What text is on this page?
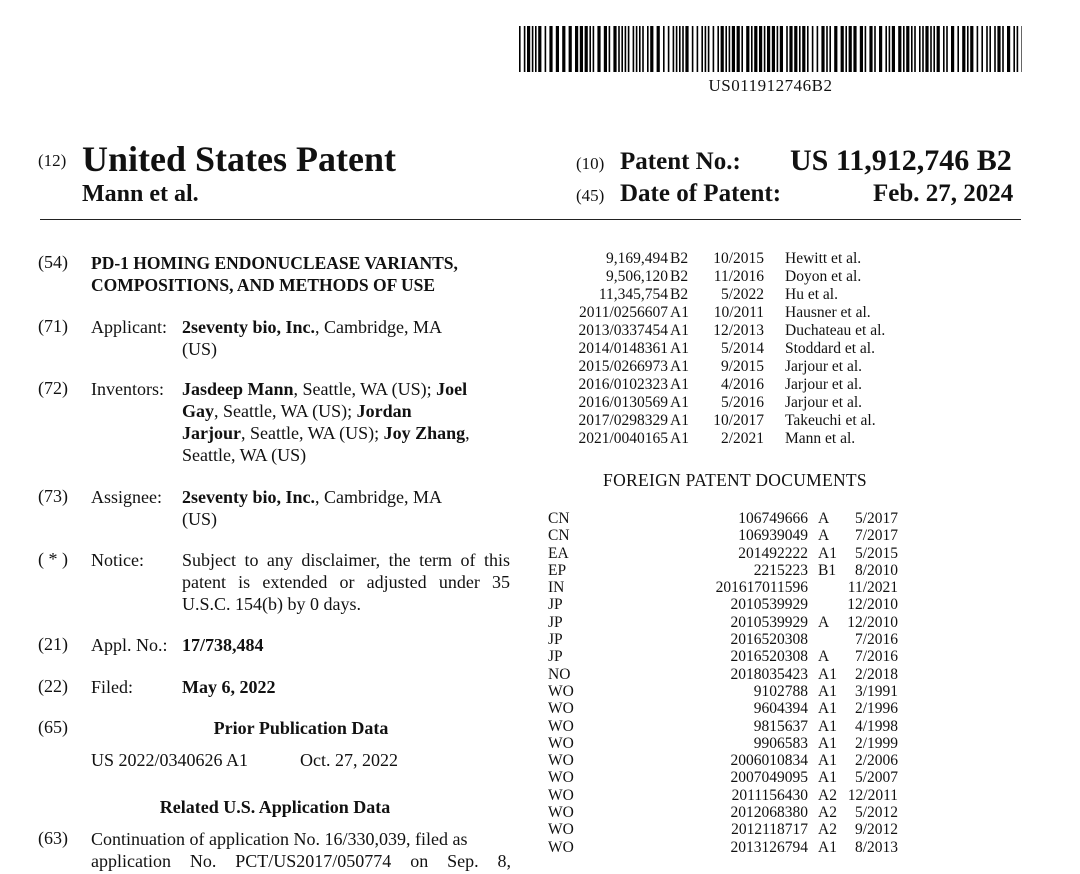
US011912746B2
(12) United States Patent
Mann et al.
(10) Patent No.: US 11,912,746 B2
(45) Date of Patent:	Feb. 27, 2024
(54) PD-1 HOMING ENDONUCLEASE VARIANTS,
COMPOSITIONS, AND METHODS OF USE
(71) Applicant: 2seventy bio, Inc., Cambridge, MA
(US)
(72) Inventors: Jasdeep Mann, Seattle, WA (US); Joel
Gay, Seattle, WA (US); Jordan
Jarjour, Seattle, WA (US); Joy Zhang,
Seattle, WA (US)
(73) Assignee: 2seventy bio, Inc., Cambridge, MA
(US)
( * ) Notice: Subject to any disclaimer, the term of this
patent is extended or adjusted under 35
U.S.C. 154(b) by 0 days.
(21) Appl. No.: 17/738,484
(22) Filed:	May 6, 2022
(65)	Prior Publication Data
US 2022/0340626 A1	Oct. 27, 2022
Related U.S. Application Data
(63) Continuation of application No. 16/330,039, filed as
application No. PCT/US2017/050774 on Sep. 8,
9,169,494 B2 10/2015 Hewitt et al.
9,506,120 B2 11/2016 Doyon et al.
11,345,754 B2 5/2022 Hu et al.
2011/0256607 A1 10/2011 Hausner et al.
2013/0337454 A1 12/2013 Duchateau et al.
2014/0148361 A1 5/2014 Stoddard et al.
2015/0266973 A1 9/2015 Jarjour et al.
2016/0102323 A1 4/2016 Jarjour et al.
2016/0130569 A1 5/2016 Jarjour et al.
2017/0298329 A1 10/2017 Takeuchi et al.
2021/0040165 A1 2/2021 Mann et al.
FOREIGN PATENT DOCUMENTS
CN	106749666 A 5/2017
CN	106939049 A 7/2017
EA	201492222 A1 5/2015
EP	2215223 B1 8/2010
IN	201617011596	11/2021
JP	2010539929	12/2010
JP	2010539929 A 12/2010
JP	2016520308	7/2016
JP	2016520308 A 7/2016
NO	2018035423 A1 2/2018
WO	9102788 A1 3/1991
WO	9604394 A1 2/1996
WO	9815637 A1 4/1998
WO	9906583 A1 2/1999
WO	2006010834 A1 2/2006
WO	2007049095 A1 5/2007
WO	2011156430 A2 12/2011
WO	2012068380 A2 5/2012
WO	2012118717 A2 9/2012
WO	2013126794 A1 8/2013
